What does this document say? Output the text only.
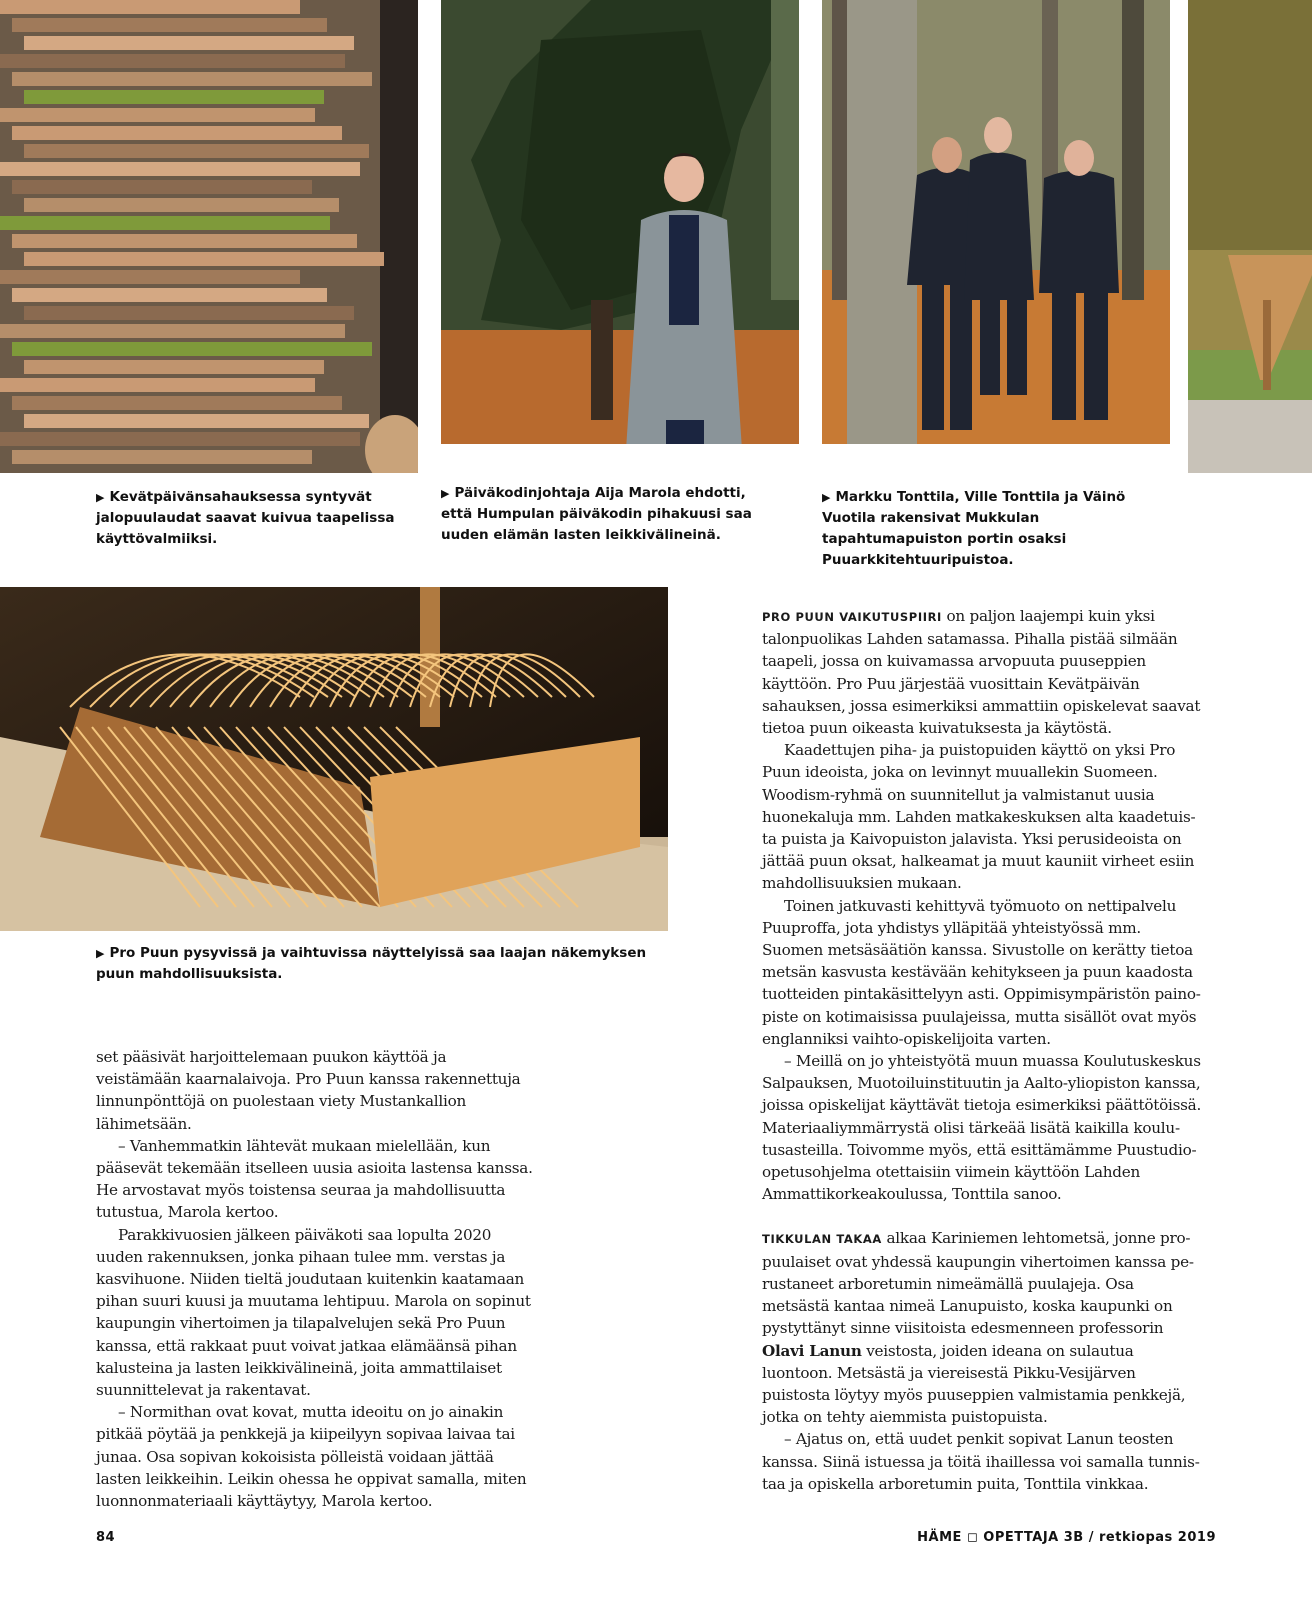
▶ Kevätpäivänsahauksessa syntyvät jalopuulaudat saavat kuivua taapelissa käyttövalmiiksi.
▶ Päiväkodinjohtaja Aija Marola ehdotti, että Humpulan päiväkodin pihakuusi saa uuden elämän lasten leikkivälineinä.
▶ Markku Tonttila, Ville Tonttila ja Väinö Vuotila rakensivat Mukkulan tapahtumapuiston portin osaksi Puuarkkitehtuuripuistoa.
▶ Pro Puun pysyvissä ja vaihtuvissa näyttelyissä saa laajan näkemyksen puun mahdollisuuksista.

set pääsivät harjoittelemaan puukon käyttöä ja veistämään kaarnalaivoja. Pro Puun kanssa rakennettuja linnunpönttöjä on puolestaan viety Mustankallion lähimetsään.

– Vanhemmatkin lähtevät mukaan mielellään, kun pääsevät tekemään itselleen uusia asioita lastensa kanssa. He arvostavat myös toistensa seuraa ja mahdollisuutta tutustua, Marola kertoo.

Parakkivuosien jälkeen päiväkoti saa lopulta 2020 uuden rakennuksen, jonka pihaan tulee mm. verstas ja kasvihuone. Niiden tieltä joudutaan kuitenkin kaatamaan pihan suuri kuusi ja muutama lehtipuu. Marola on sopinut kaupungin vihertoimen ja tilapalvelujen sekä Pro Puun kanssa, että rakkaat puut voivat jatkaa elämäänsä pihan kalusteina ja lasten leikkivälineinä, joita ammattilaiset suunnittelevat ja rakentavat.

– Normithan ovat kovat, mutta ideoitu on jo ainakin pitkää pöytää ja penkkejä ja kiipeilyyn sopivaa laivaa tai junaa. Osa sopivan kokoisista pölleistä voidaan jättää lasten leikkeihin. Leikin ohessa he oppivat samalla, miten luonnonmateriaali käyttäytyy, Marola kertoo.

PRO PUUN VAIKUTUSPIIRI on paljon laajempi kuin yksi talonpuolikas Lahden satamassa. Pihalla pistää silmään taapeli, jossa on kuivamassa arvopuuta puuseppien käyttöön. Pro Puu järjestää vuosittain Kevätpäivän sahauksen, jossa esimerkiksi ammattiin opiskelevat saavat tietoa puun oikeasta kuivatuksesta ja käytöstä.

Kaadettujen piha- ja puistopuiden käyttö on yksi Pro Puun ideoista, joka on levinnyt muuallekin Suomeen. Woodism-ryhmä on suunnitellut ja valmistanut uusia huonekaluja mm. Lahden matkakeskuksen alta kaadetuista puista ja Kaivopuiston jalavista. Yksi perusideoista on jättää puun oksat, halkeamat ja muut kauniit virheet esiin mahdollisuuksien mukaan.

Toinen jatkuvasti kehittyvä työmuoto on nettipalvelu Puuproffa, jota yhdistys ylläpitää yhteistyössä mm. Suomen metsäsäätiön kanssa. Sivustolle on kerätty tietoa metsän kasvusta kestävään kehitykseen ja puun kaadosta tuotteiden pintakäsittelyyn asti. Oppimisympäristön painopiste on kotimaisissa puulajeissa, mutta sisällöt ovat myös englanniksi vaihto-opiskelijoita varten.

– Meillä on jo yhteistyötä muun muassa Koulutuskeskus Salpauksen, Muotoiluinstituutin ja Aalto-yliopiston kanssa, joissa opiskelijat käyttävät tietoja esimerkiksi päättötöissä. Materiaaliymmärrystä olisi tärkeää lisätä kaikilla koulutusasteilla. Toivomme myös, että esittämämme Puustudio-opetusohjelma otettaisiin viimein käyttöön Lahden Ammattikorkeakoulussa, Tonttila sanoo.

TIKKULAN TAKAA alkaa Kariniemen lehtometsä, jonne propuulaiset ovat yhdessä kaupungin vihertoimen kanssa perustaneet arboretumin nimeämällä puulajeja. Osa metsästä kantaa nimeä Lanupuisto, koska kaupunki on pystyttänyt sinne viisitoista edesmenneen professorin Olavi Lanun veistosta, joiden ideana on sulautua luontoon. Metsästä ja viereisestä Pikku-Vesijärven puistosta löytyy myös puuseppien valmistamia penkkejä, jotka on tehty aiemmista puistopuista.

– Ajatus on, että uudet penkit sopivat Lanun teosten kanssa. Siinä istuessa ja töitä ihaillessa voi samalla tunnistaa ja opiskella arboretumin puita, Tonttila vinkkaa.

84	HÄME ◻ OPETTAJA 3B / retkiopas 2019
